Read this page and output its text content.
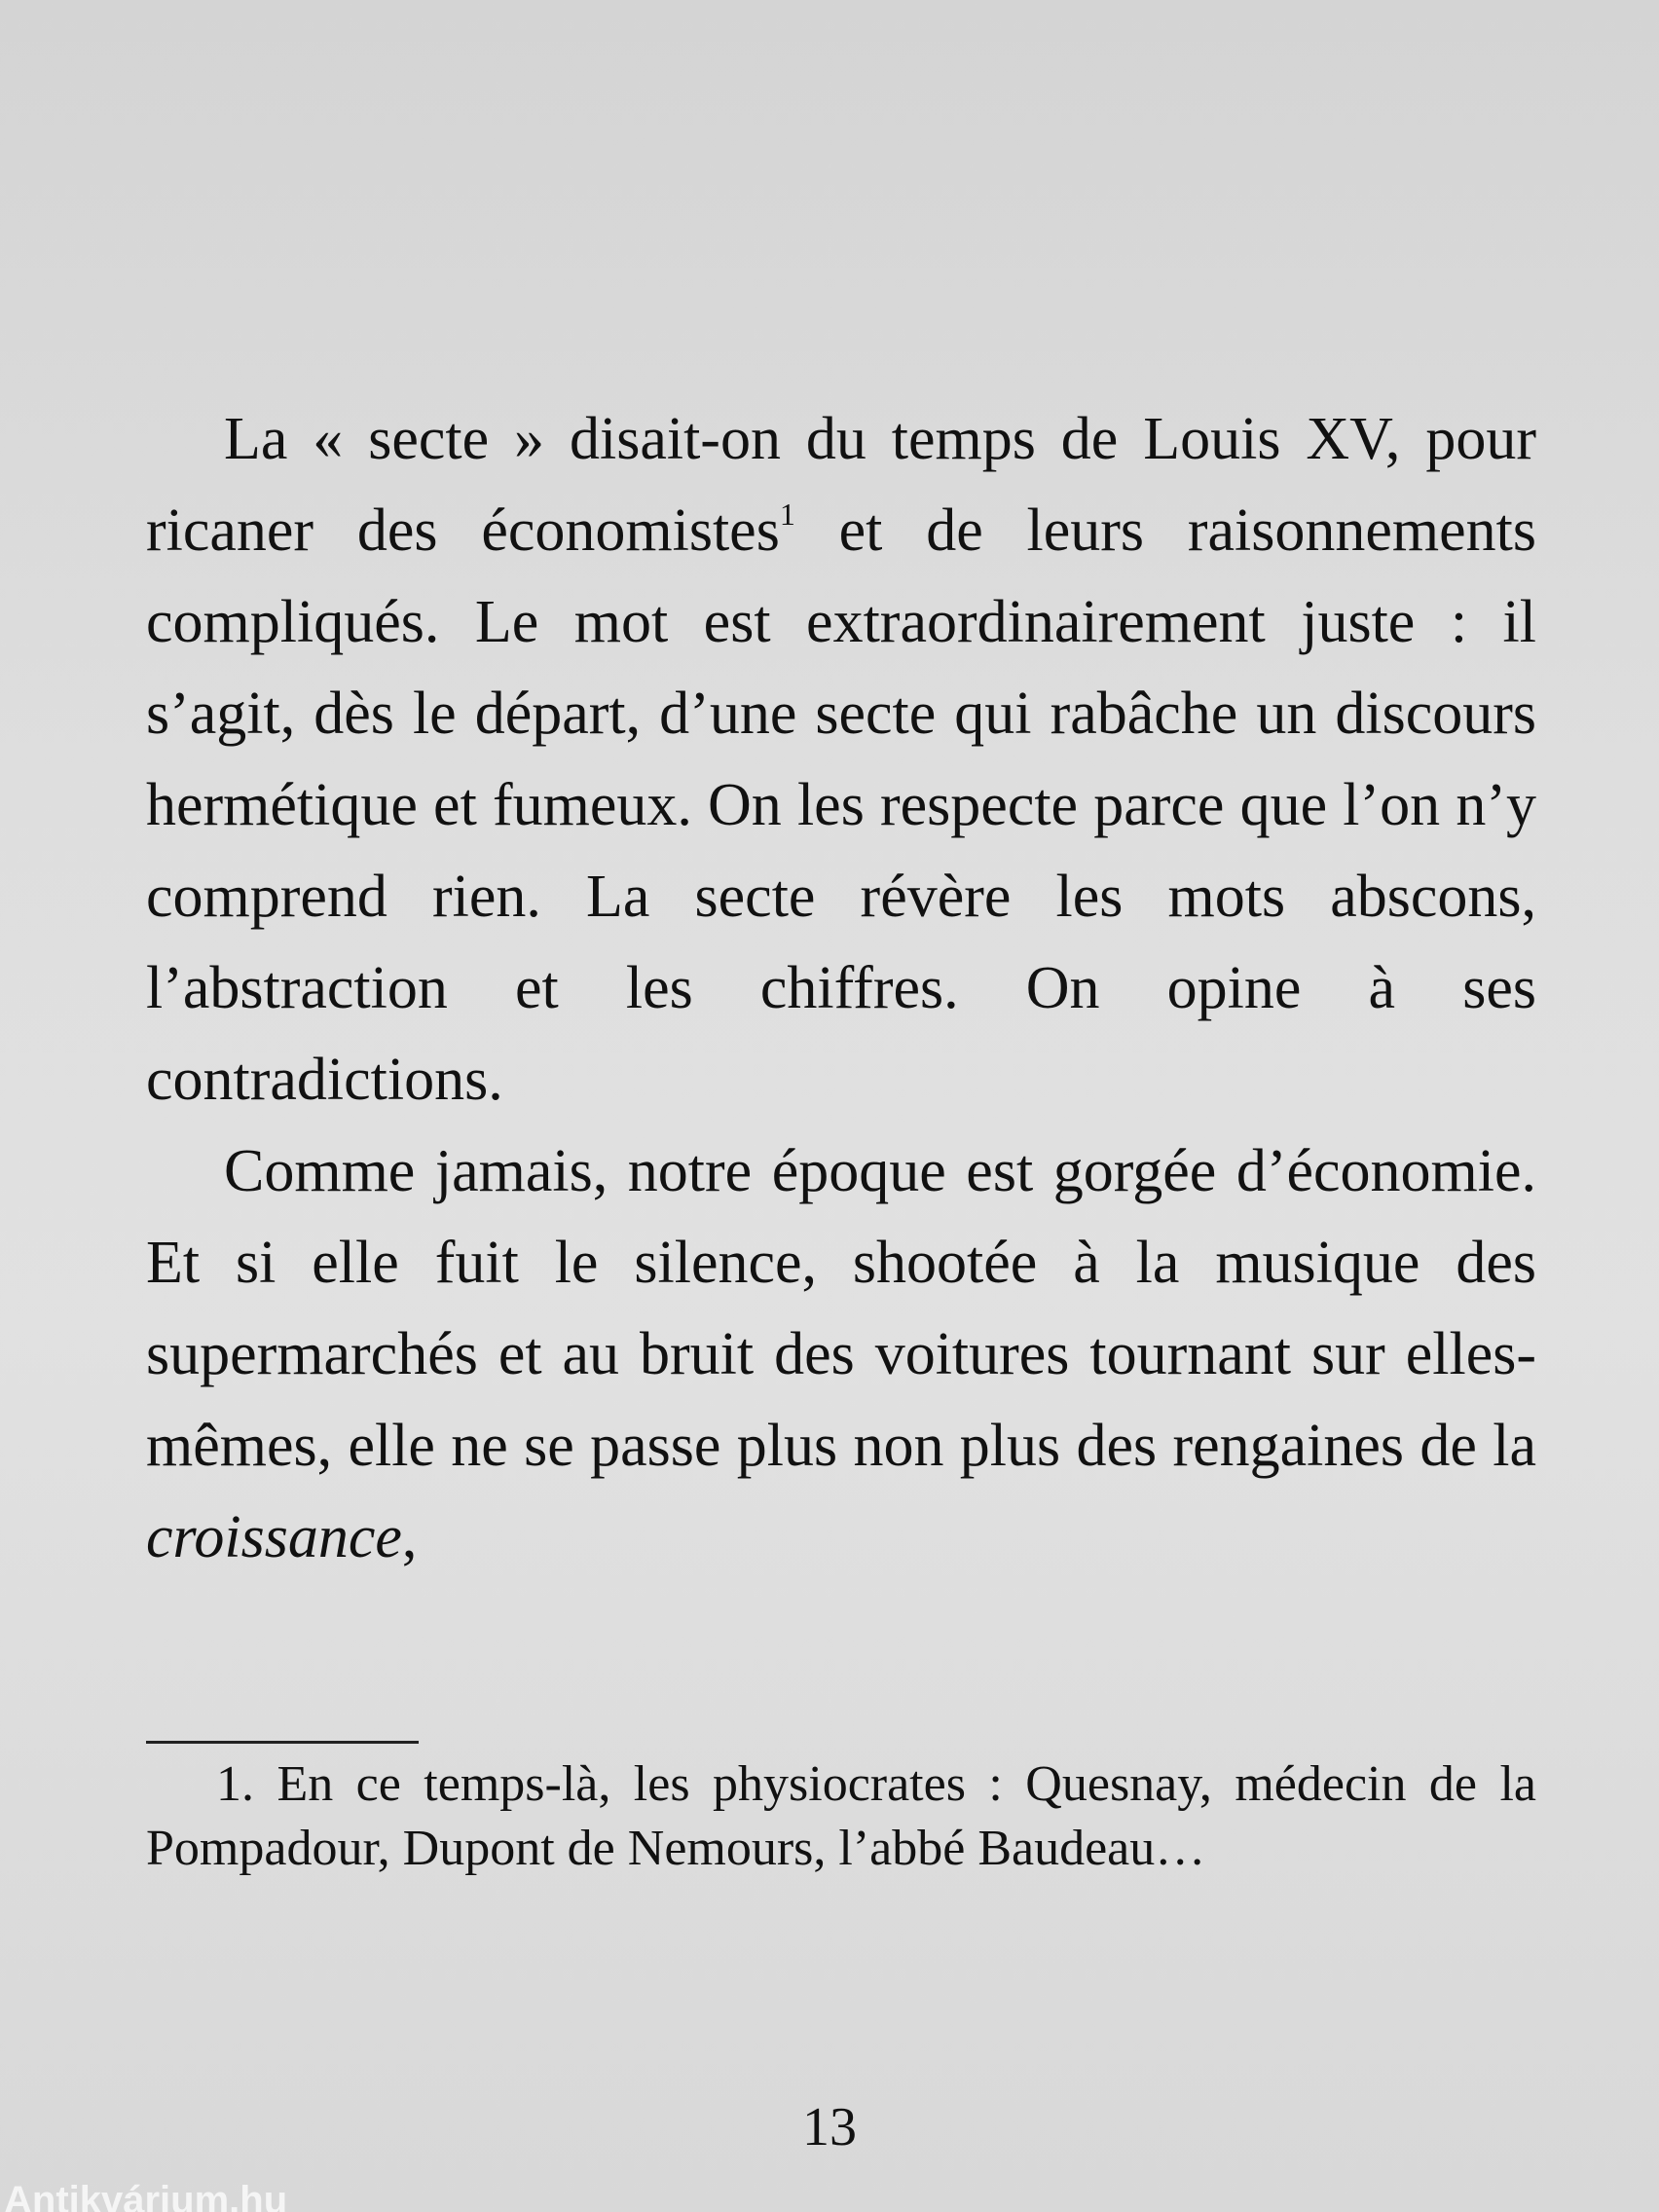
La « secte » disait-on du temps de Louis XV, pour ricaner des économistes$^1$ et de leurs raisonnements compliqués. Le mot est extraordinairement juste : il s’agit, dès le départ, d’une secte qui rabâche un discours hermétique et fumeux. On les respecte parce que l’on n’y comprend rien. La secte révère les mots abscons, l’abstraction et les chiffres. On opine à ses contradictions.

Comme jamais, notre époque est gorgée d’économie. Et si elle fuit le silence, shootée à la musique des supermarchés et au bruit des voitures tournant sur elles-mêmes, elle ne se passe plus non plus des rengaines de la croissance,

1. En ce temps-là, les physiocrates : Quesnay, médecin de la Pompadour, Dupont de Nemours, l’abbé Baudeau…

13
Antikvárium.hu
